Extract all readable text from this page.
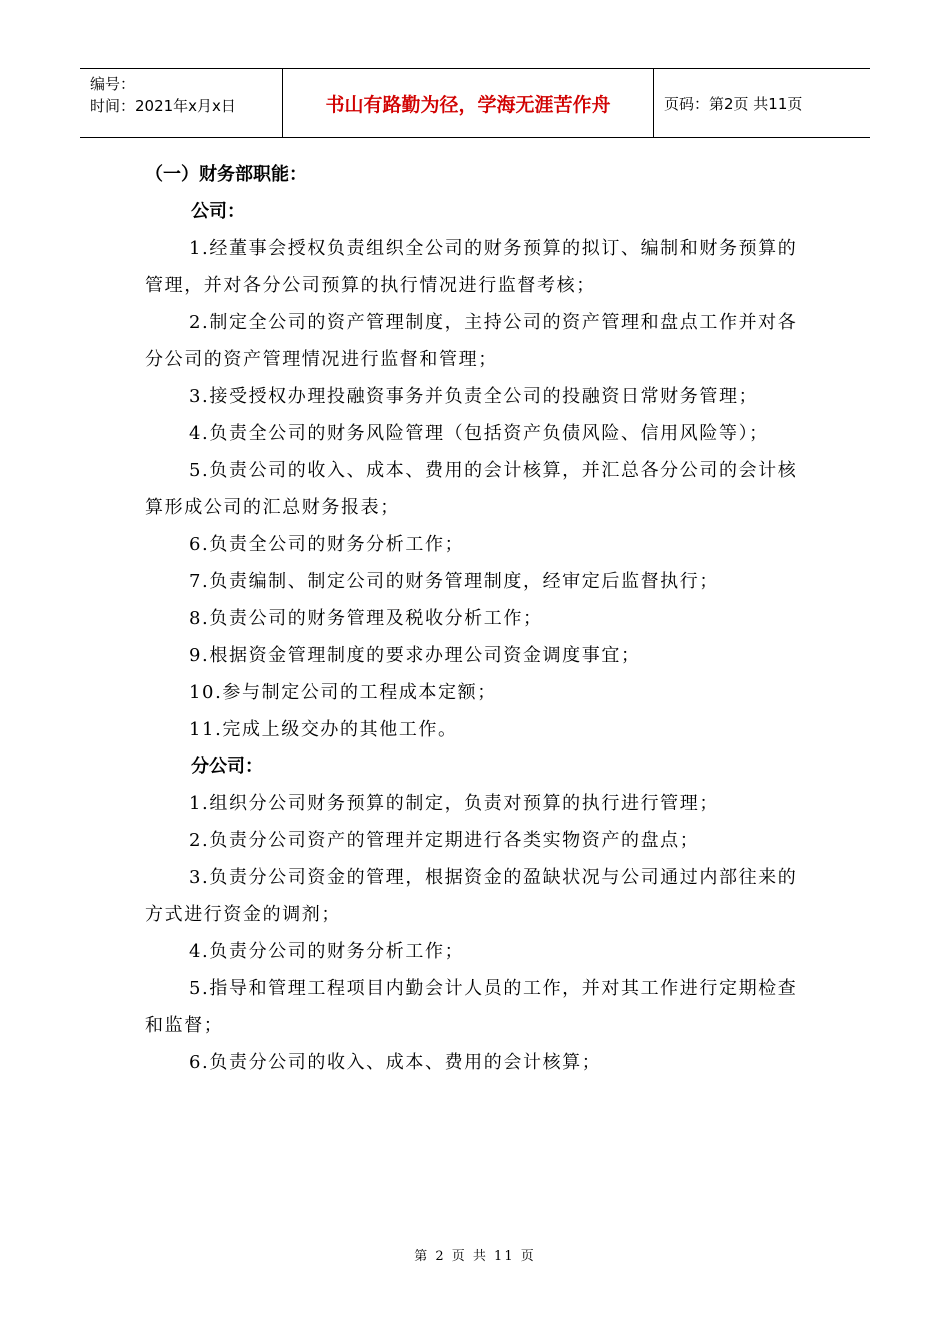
编号：
时间：2021年x月x日	书山有路勤为径，学海无涯苦作舟	页码：第2页 共11页
（一）财务部职能：
公司：

1.经董事会授权负责组织全公司的财务预算的拟订、编制和财务预算的管理，并对各分公司预算的执行情况进行监督考核；

2.制定全公司的资产管理制度，主持公司的资产管理和盘点工作并对各分公司的资产管理情况进行监督和管理；

3.接受授权办理投融资事务并负责全公司的投融资日常财务管理；

4.负责全公司的财务风险管理（包括资产负债风险、信用风险等）；

5.负责公司的收入、成本、费用的会计核算，并汇总各分公司的会计核算形成公司的汇总财务报表；

6.负责全公司的财务分析工作；

7.负责编制、制定公司的财务管理制度，经审定后监督执行；

8.负责公司的财务管理及税收分析工作；

9.根据资金管理制度的要求办理公司资金调度事宜；

10.参与制定公司的工程成本定额；

11.完成上级交办的其他工作。

分公司：

1.组织分公司财务预算的制定，负责对预算的执行进行管理；

2.负责分公司资产的管理并定期进行各类实物资产的盘点；

3.负责分公司资金的管理，根据资金的盈缺状况与公司通过内部往来的方式进行资金的调剂；

4.负责分公司的财务分析工作；

5.指导和管理工程项目内勤会计人员的工作，并对其工作进行定期检查和监督；

6.负责分公司的收入、成本、费用的会计核算；

第 2 页 共 11 页
